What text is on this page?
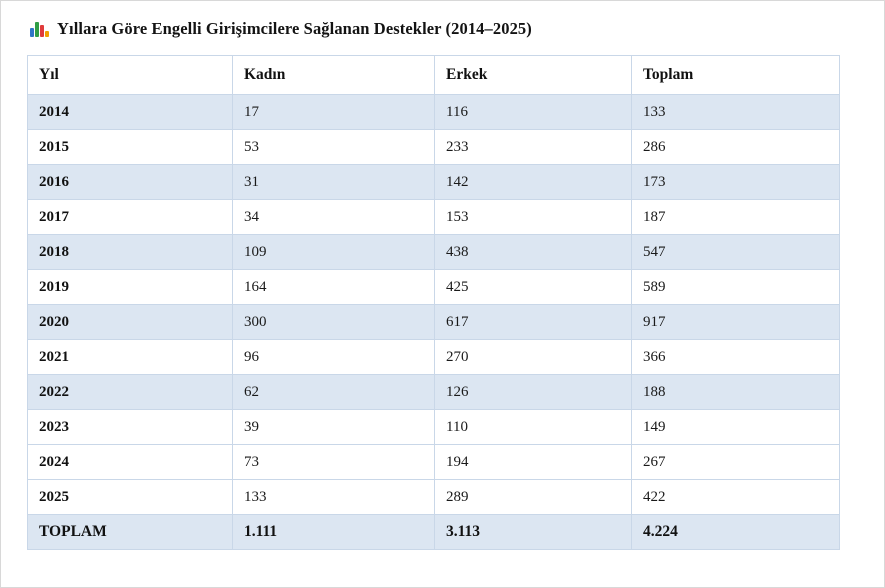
Yıllara Göre Engelli Girişimcilere Sağlanan Destekler (2014–2025)
Yıl	Kadın	Erkek	Toplam
2014	17	116	133
2015	53	233	286
2016	31	142	173
2017	34	153	187
2018	109	438	547
2019	164	425	589
2020	300	617	917
2021	96	270	366
2022	62	126	188
2023	39	110	149
2024	73	194	267
2025	133	289	422
TOPLAM	1.111	3.113	4.224
